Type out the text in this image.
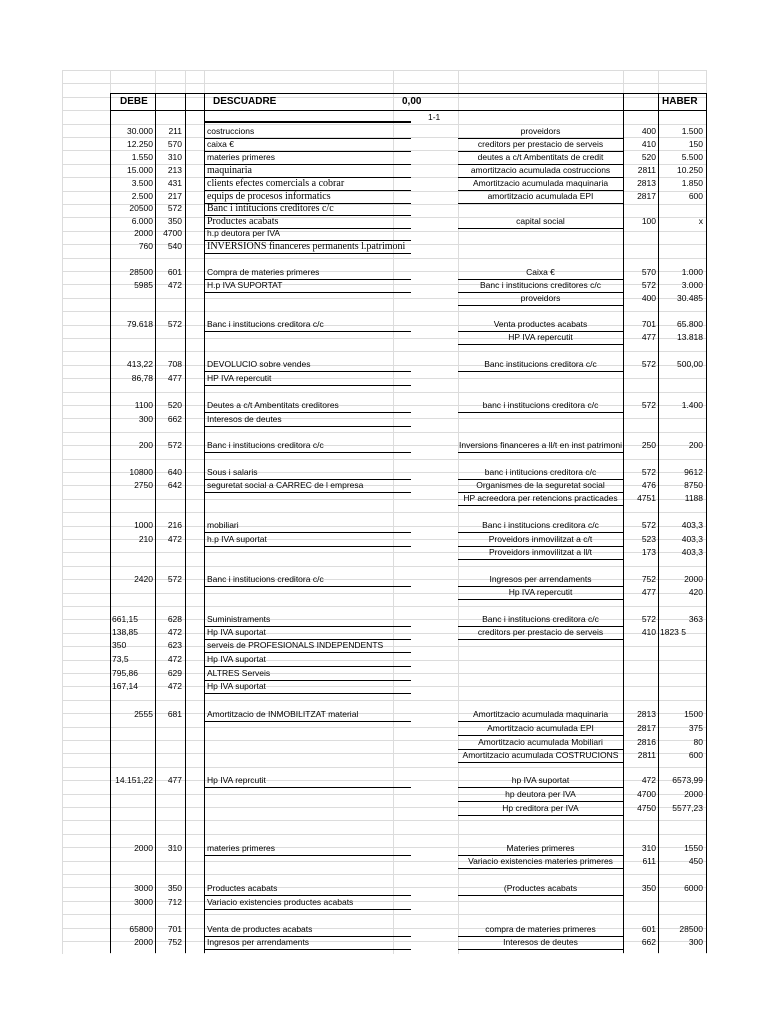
DEBE	DESCUADRE	0,00	HABER
1-1
30.000	211	costruccions	proveidors	400	1.500
12.250	570	caixa €	creditors per prestacio de serveis	410	150
1.550	310	materies primeres	deutes a c/t Ambentitats de credit	520	5.500
15.000	213	maquinaria	amortitzacio acumulada costruccions	2811	10.250
3.500	431	clients efectes comercials a cobrar	Amortitzacio acumulada maquinaria	2813	1.850
2.500	217	equips de procesos informatics	amortitzacio acumulada EPI	2817	600
20500	572	Banc i intitucions creditores c/c
6.000	350	Productes acabats	capital social	100	x
2000	4700	h.p deutora per IVA
760	540	INVERSIONS financeres permanents l.patrimoni
28500	601	Compra de materies primeres	Caixa €	570	1.000
5985	472	H.p IVA SUPORTAT	Banc i institucions creditores c/c	572	3.000
proveidors	400	30.485
79.618	572	Banc i institucions creditora c/c	Venta productes acabats	701	65.800
HP IVA repercutit	477	13.818
413,22	708	DEVOLUCIO sobre vendes	Banc institucions creditora c/c	572	500,00
86,78	477	HP IVA repercutit
1100	520	Deutes a c/t Ambentitats creditores	banc i institucions creditora c/c	572	1.400
300	662	Interesos de deutes
200	572	Banc i institucions creditora c/c	Inversions financeres a ll/t en inst patrimoni	250	200
10800	640	Sous i salaris	banc i intitucions creditora c/c	572	9612
2750	642	seguretat social a CARREC de l empresa	Organismes de la seguretat social	476	8750
HP acreedora per retencions practicades	4751	1188
1000	216	mobiliari	Banc i institucions creditora c/c	572	403,3
210	472	h.p IVA suportat	Proveidors inmovilitzat a c/t	523	403,3
Proveidors inmovilitzat a ll/t	173	403,3
2420	572	Banc i institucions creditora c/c	Ingresos per arrendaments	752	2000
Hp IVA repercutit	477	420
661,15	628	Suministraments	Banc i institucions creditora c/c	572	363
138,85	472	Hp IVA suportat	creditors per prestacio de serveis	410 1823 5
350	623	serveis de PROFESIONALS INDEPENDENTS
73,5	472	Hp IVA suportat
795,86	629	ALTRES Serveis
167,14	472	Hp IVA suportat
2555	681	Amortitzacio de INMOBILITZAT material	Amortitzacio acumulada maquinaria	2813	1500
Amortitzacio acumulada EPI	2817	375
Amortitzacio acumulada Mobiliari	2816	80
Amortitzacio acumulada COSTRUCIONS	2811	600
14.151,22	477	Hp IVA reprcutit	hp IVA suportat	472	6573,99
hp deutora per IVA	4700	2000
Hp creditora per IVA	4750	5577,23
2000	310	materies primeres	Materies primeres	310	1550
Variacio existencies materies primeres	611	450
3000	350	Productes acabats	(Productes acabats	350	6000
3000	712	Variacio existencies productes acabats
65800	701	Venta de productes acabats	compra de materies primeres	601	28500
2000	752	Ingresos per arrendaments	Interesos de deutes	662	300
